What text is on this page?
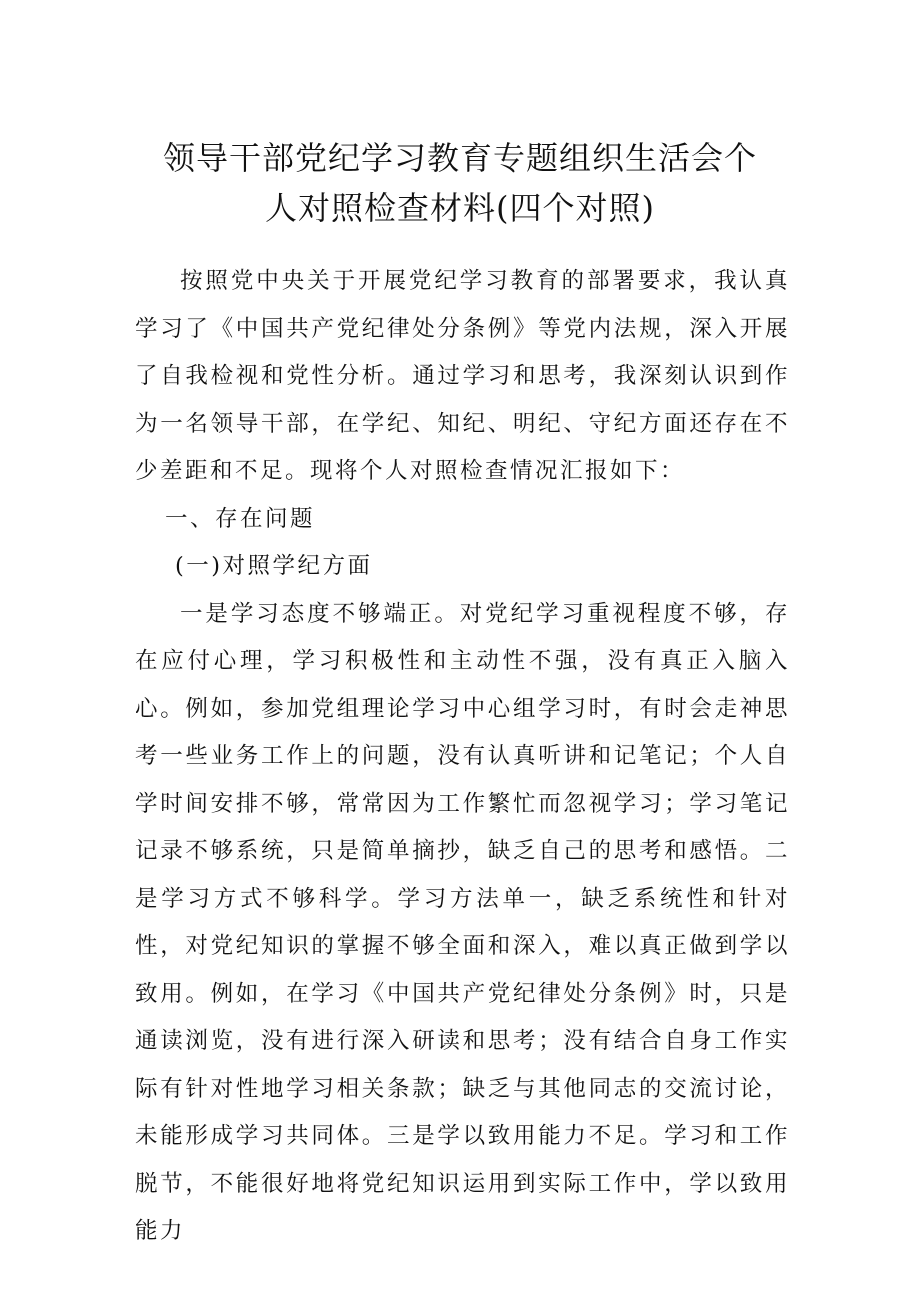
领导干部党纪学习教育专题组织生活会个
人对照检查材料(四个对照)

按照党中央关于开展党纪学习教育的部署要求，我认真学习了《中国共产党纪律处分条例》等党内法规，深入开展了自我检视和党性分析。通过学习和思考，我深刻认识到作为一名领导干部，在学纪、知纪、明纪、守纪方面还存在不少差距和不足。现将个人对照检查情况汇报如下：

一、存在问题

(一)对照学纪方面

一是学习态度不够端正。对党纪学习重视程度不够，存在应付心理，学习积极性和主动性不强，没有真正入脑入心。例如，参加党组理论学习中心组学习时，有时会走神思考一些业务工作上的问题，没有认真听讲和记笔记；个人自学时间安排不够，常常因为工作繁忙而忽视学习；学习笔记记录不够系统，只是简单摘抄，缺乏自己的思考和感悟。二是学习方式不够科学。学习方法单一，缺乏系统性和针对性，对党纪知识的掌握不够全面和深入，难以真正做到学以致用。例如，在学习《中国共产党纪律处分条例》时，只是通读浏览，没有进行深入研读和思考；没有结合自身工作实际有针对性地学习相关条款；缺乏与其他同志的交流讨论，未能形成学习共同体。三是学以致用能力不足。学习和工作脱节，不能很好地将党纪知识运用到实际工作中，学以致用能力
